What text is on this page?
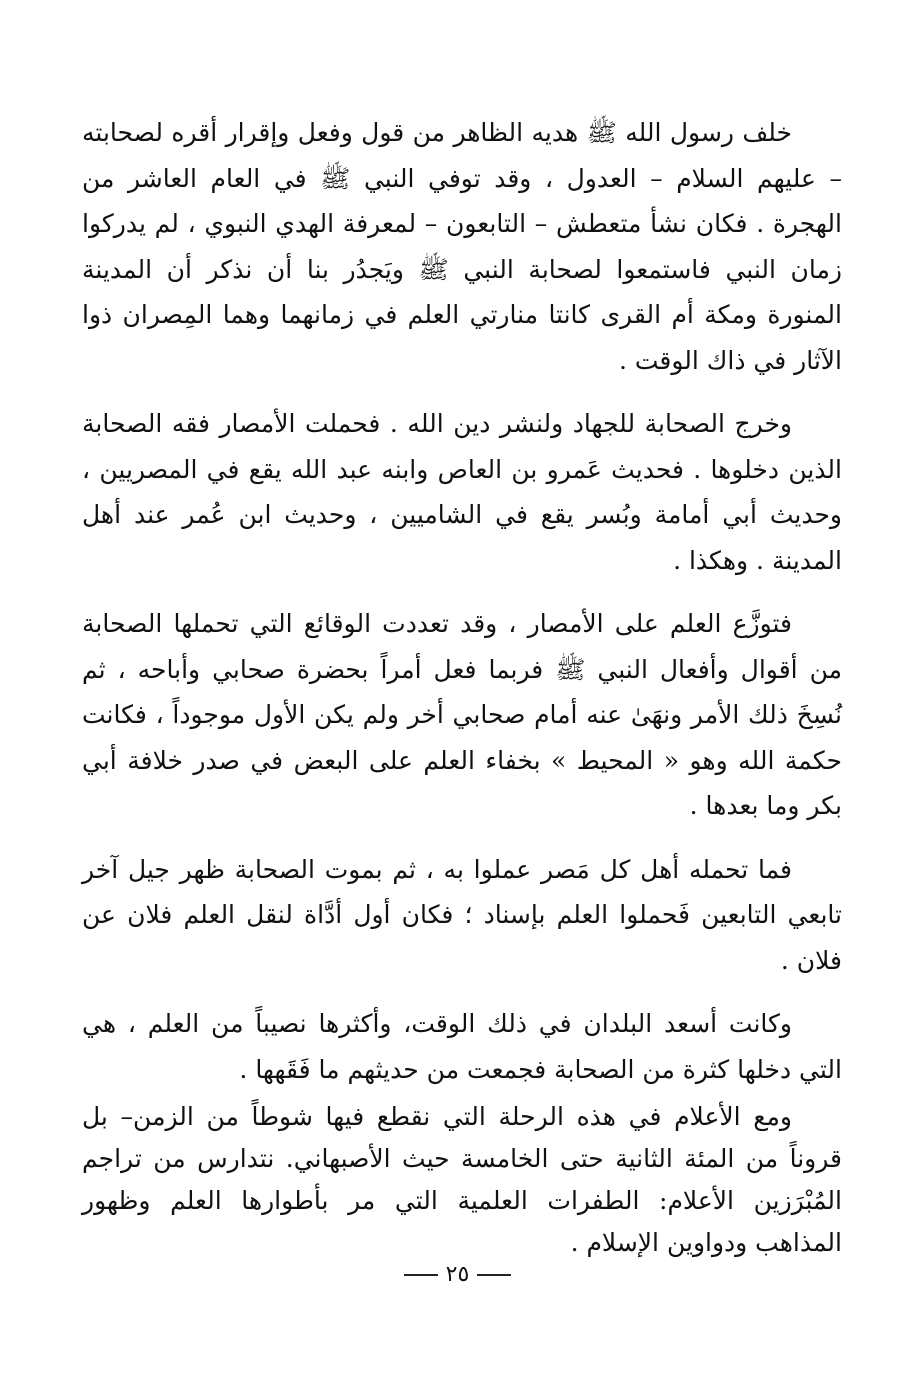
خلف رسول الله ﷺ هديه الظاهر من قول وفعل وإقرار أقره لصحابته – عليهم السلام – العدول ، وقد توفي النبي ﷺ في العام العاشر من الهجرة . فكان نشأ متعطش – التابعون – لمعرفة الهدي النبوي ، لم يدركوا زمان النبي فاستمعوا لصحابة النبي ﷺ ويَجدُر بنا أن نذكر أن المدينة المنورة ومكة أم القرى كانتا منارتي العلم في زمانهما وهما المِصران ذوا الآثار في ذاك الوقت .

وخرج الصحابة للجهاد ولنشر دين الله . فحملت الأمصار فقه الصحابة الذين دخلوها . فحديث عَمرو بن العاص وابنه عبد الله يقع في المصريين ، وحديث أبي أمامة وبُسر يقع في الشاميين ، وحديث ابن عُمر عند أهل المدينة . وهكذا .

فتوزَّع العلم على الأمصار ، وقد تعددت الوقائع التي تحملها الصحابة من أقوال وأفعال النبي ﷺ فربما فعل أمراً بحضرة صحابي وأباحه ، ثم نُسِخَ ذلك الأمر ونهَىٰ عنه أمام صحابي أخر ولم يكن الأول موجوداً ، فكانت حكمة الله وهو « المحيط » بخفاء العلم على البعض في صدر خلافة أبي بكر وما بعدها .

فما تحمله أهل كل مَصر عملوا به ، ثم بموت الصحابة ظهر جيل آخر تابعي التابعين فَحملوا العلم بإسناد ؛ فكان أول أدَّاة لنقل العلم فلان عن فلان .

وكانت أسعد البلدان في ذلك الوقت، وأكثرها نصيباً من العلم ، هي التي دخلها كثرة من الصحابة فجمعت من حديثهم ما فَقَهها .

ومع الأعلام في هذه الرحلة التي نقطع فيها شوطاً من الزمن– بل قروناً من المئة الثانية حتى الخامسة حيث الأصبهاني. نتدارس من تراجم المُبْرَزين الأعلام: الطفرات العلمية التي مر بأطوارها العلم وظهور المذاهب ودواوين الإسلام .

٢٥
